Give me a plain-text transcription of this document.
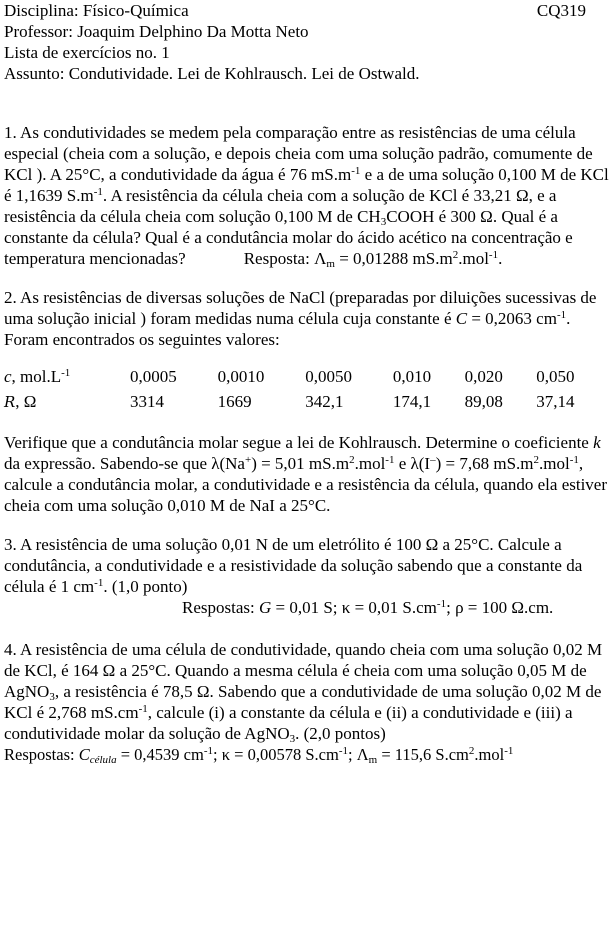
Disciplina: Físico-Química	CQ319
Professor: Joaquim Delphino Da Motta Neto
Lista de exercícios no. 1
Assunto: Condutividade. Lei de Kohlrausch. Lei de Ostwald.

1. As condutividades se medem pela comparação entre as resistências de uma célula especial (cheia com a solução, e depois cheia com uma solução padrão, comumente de KCl ). A 25°C, a condutividade da água é 76 $mS.m^{-1}$ e a de uma solução 0,100 M de KCl é 1,1639 $S.m^{-1}$. A resistência da célula cheia com a solução de KCl é 33,21 Ω, e a resistência da célula cheia com solução 0,100 M de $CH_3COOH$ é 300 Ω. Qual é a constante da célula? Qual é a condutância molar do ácido acético na concentração e temperatura mencionadas?	Resposta: $\Lambda_m = 0,01288$ $mS.m^2.mol^{-1}$.

2. As resistências de diversas soluções de NaCl (preparadas por diluições sucessivas de uma solução inicial ) foram medidas numa célula cuja constante é C = 0,2063 $cm^{-1}$. Foram encontrados os seguintes valores:

c, $mol.L^{-1}$	0,0005	0,0010	0,0050	0,010	0,020	0,050
R, Ω	3314	1669	342,1	174,1	89,08	37,14

Verifique que a condutância molar segue a lei de Kohlrausch. Determine o coeficiente k da expressão. Sabendo-se que λ(Na+) = 5,01 $mS.m^2.mol^{-1}$ e λ(I–) = 7,68 $mS.m^2.mol^{-1}$, calcule a condutância molar, a condutividade e a resistência da célula, quando ela estiver cheia com uma solução 0,010 M de NaI a 25°C.

3. A resistência de uma solução 0,01 N de um eletrólito é 100 Ω a 25°C. Calcule a condutância, a condutividade e a resistividade da solução sabendo que a constante da célula é 1 $cm^{-1}$. (1,0 ponto)

Respostas: G = 0,01 S; κ = 0,01 $S.cm^{-1}$; ρ = 100 Ω.cm.

4. A resistência de uma célula de condutividade, quando cheia com uma solução 0,02 M de KCl, é 164 Ω a 25°C. Quando a mesma célula é cheia com uma solução 0,05 M de AgNO$_3$, a resistência é 78,5 Ω. Sabendo que a condutividade de uma solução 0,02 M de KCl é 2,768 $mS.cm^{-1}$, calcule (i) a constante da célula e (ii) a condutividade e (iii) a condutividade molar da solução de AgNO$_3$. (2,0 pontos)

Respostas: $C_{célula} = 0,4539$ $cm^{-1}$; κ = 0,00578 $S.cm^{-1}$; $\Lambda_m = 115,6$ $S.cm^2.mol^{-1}$
